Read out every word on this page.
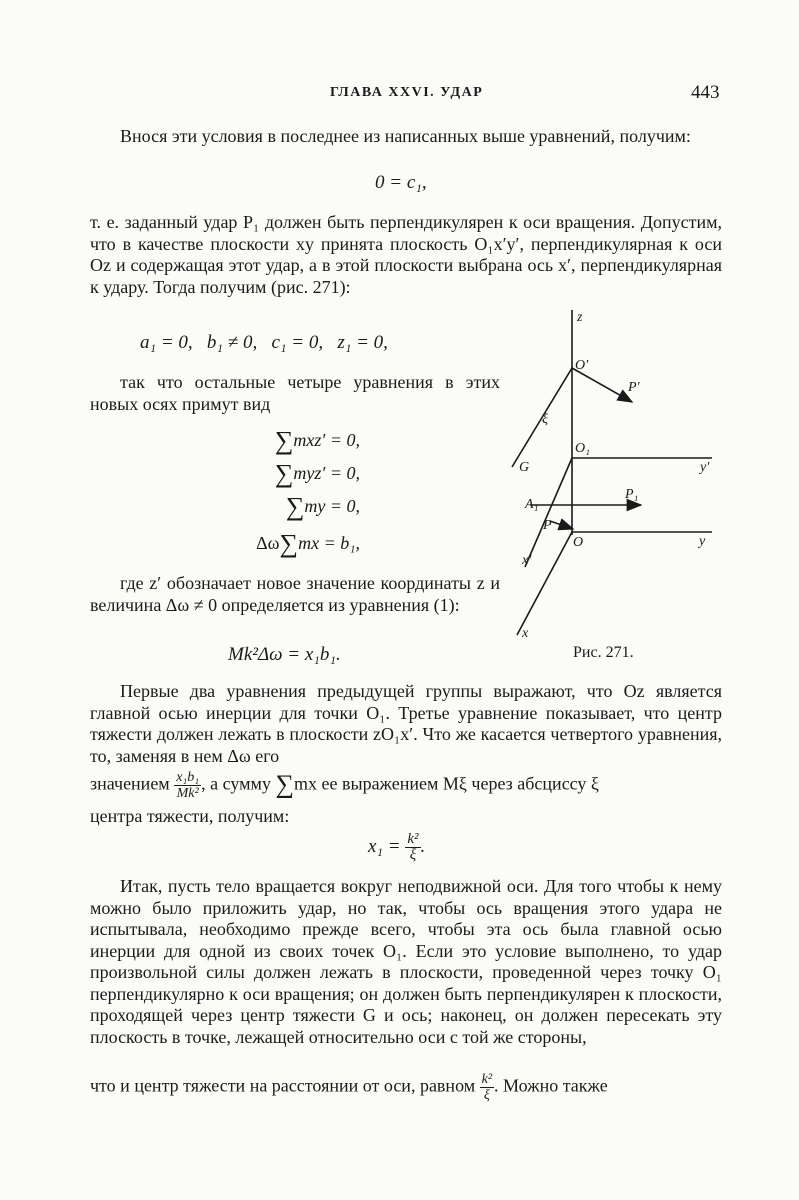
ГЛАВА XXVI. УДАР	443
Внося эти условия в последнее из написанных выше уравнений, получим:
0 = c₁,
т. е. заданный удар P₁ должен быть перпендикулярен к оси вращения. Допустим, что в качестве плоскости xy принята плоскость O₁x′y′, перпендикулярная к оси Oz и содержащая этот удар, а в этой плоскости выбрана ось x′, перпендикулярная к удару. Тогда получим (рис. 271):
a₁ = 0,   b₁ ≠ 0,   c₁ = 0,   z₁ = 0,
так что остальные четыре уравнения в этих новых осях примут вид
∑mxz′ = 0,
∑myz′ = 0,
∑my = 0,
Δω∑mx = b₁,
где z′ обозначает новое значение координаты z и величина Δω ≠ 0 определяется из уравнения (1):
Mk²Δω = x₁b₁.
z
O′
P′
ξ
G
O₁
y′
A₁
P₁
P
O	y
x′
x
Рис. 271.
Первые два уравнения предыдущей группы выражают, что Oz является главной осью инерции для точки O₁. Третье уравнение показывает, что центр тяжести должен лежать в плоскости zO₁x′. Что же касается четвертого уравнения, то, заменяя в нем Δω его
значением $\frac{\text{x₁b₁}}{\text{Mk²}}$ , а сумму ∑mx ее выражением Mξ через абсциссу ξ
центра тяжести, получим:
$x_1 = \frac{\text{k²}}{\xi}$ .
Итак, пусть тело вращается вокруг неподвижной оси. Для того чтобы к нему можно было приложить удар, но так, чтобы ось вращения этого удара не испытывала, необходимо прежде всего, чтобы эта ось была главной осью инерции для одной из своих точек O₁. Если это условие выполнено, то удар произвольной силы должен лежать в плоскости, проведенной через точку O₁ перпендикулярно к оси вращения; он должен быть перпендикулярен к плоскости, проходящей через центр тяжести G и ось; наконец, он должен пересекать эту плоскость в точке, лежащей относительно оси с той же стороны,
что и центр тяжести на расстоянии от оси, равном $\frac{\text{k²}}{\xi}$ . Можно также
